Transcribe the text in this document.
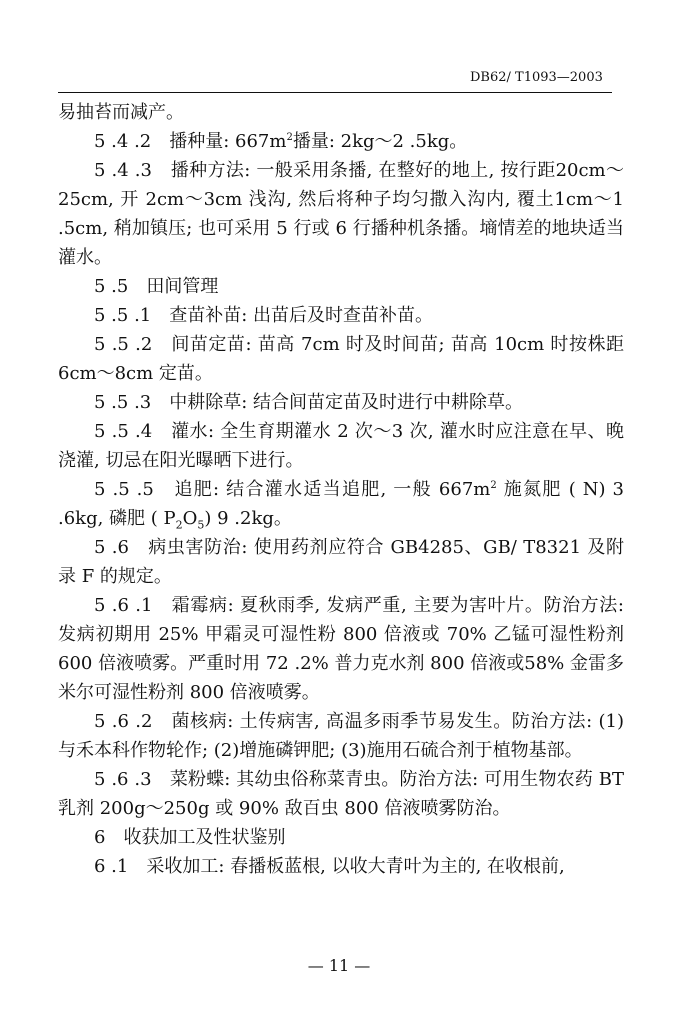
DB62/ T1093—2003

易抽苔而减产。

5 .4 .2　播种量: $667m^2$播量: 2kg～2 .5kg。

5 .4 .3　播种方法: 一般采用条播, 在整好的地上, 按行距20cm～25cm, 开 2cm～3cm 浅沟, 然后将种子均匀撒入沟内, 覆土1cm～1 .5cm, 稍加镇压; 也可采用 5 行或 6 行播种机条播。墒情差的地块适当灌水。

5 .5　田间管理

5 .5 .1　查苗补苗: 出苗后及时查苗补苗。

5 .5 .2　间苗定苗: 苗高 7cm 时及时间苗; 苗高 10cm 时按株距 6cm～8cm 定苗。

5 .5 .3　中耕除草: 结合间苗定苗及时进行中耕除草。

5 .5 .4　灌水: 全生育期灌水 2 次～3 次, 灌水时应注意在早、晚浇灌, 切忌在阳光曝晒下进行。

5 .5 .5　追肥: 结合灌水适当追肥, 一般 $667m^2$ 施氮肥 ( N) 3 .6kg, 磷肥 ( $P_2O_5$) 9 .2kg。

5 .6　病虫害防治: 使用药剂应符合 GB4285、GB/ T8321 及附录 F 的规定。

5 .6 .1　霜霉病: 夏秋雨季, 发病严重, 主要为害叶片。防治方法: 发病初期用 25% 甲霜灵可湿性粉 800 倍液或 70% 乙锰可湿性粉剂 600 倍液喷雾。严重时用 72 .2% 普力克水剂 800 倍液或58% 金雷多米尔可湿性粉剂 800 倍液喷雾。

5 .6 .2　菌核病: 土传病害, 高温多雨季节易发生。防治方法: (1)与禾本科作物轮作; (2)增施磷钾肥; (3)施用石硫合剂于植物基部。

5 .6 .3　菜粉蝶: 其幼虫俗称菜青虫。防治方法: 可用生物农药 BT 乳剂 200g～250g 或 90% 敌百虫 800 倍液喷雾防治。

6　收获加工及性状鉴别

6 .1　采收加工: 春播板蓝根, 以收大青叶为主的, 在收根前,

— 11 —
